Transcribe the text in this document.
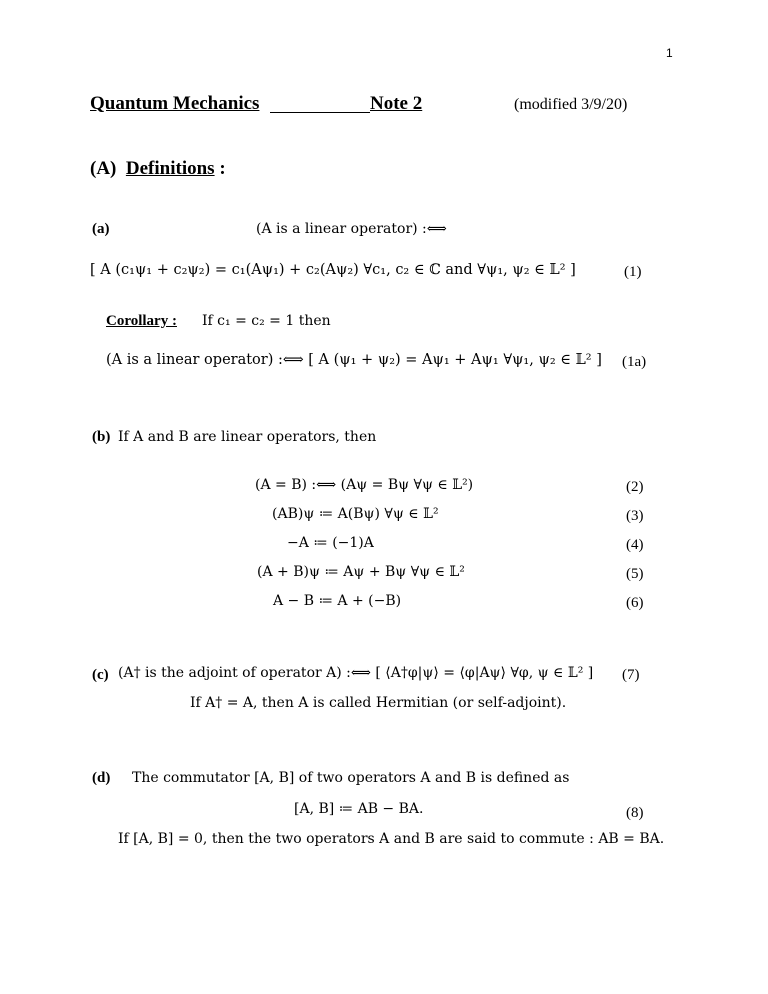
1
Quantum Mechanics	Note 2	(modified 3/9/20)
(A) Definitions :
(a)	(A is a linear operator) :⟺
[ A (c₁ψ₁ + c₂ψ₂) = c₁(Aψ₁) + c₂(Aψ₂) ∀c₁, c₂ ∈ ℂ and ∀ψ₁, ψ₂ ∈ 𝕃² ]	(1)
Corollary : If c₁ = c₂ = 1 then
(A is a linear operator) :⟺ [ A (ψ₁ + ψ₂) = Aψ₁ + Aψ₁ ∀ψ₁, ψ₂ ∈ 𝕃² ] (1a)
(b) If A and B are linear operators, then
(A = B) :⟺ (Aψ = Bψ ∀ψ ∈ 𝕃²)	(2)
(AB)ψ ≔ A(Bψ) ∀ψ ∈ 𝕃²	(3)
−A ≔ (−1)A	(4)
(A + B)ψ ≔ Aψ + Bψ ∀ψ ∈ 𝕃²	(5)
A − B ≔ A + (−B)	(6)
(c) (A† is the adjoint of operator A) :⟺ [ ⟨A†φ|ψ⟩ = ⟨φ|Aψ⟩ ∀φ, ψ ∈ 𝕃² ] (7)
If A† = A, then A is called Hermitian (or self-adjoint).
(d) The commutator [A, B] of two operators A and B is defined as
[A, B] ≔ AB − BA.	(8)
If [A, B] = 0, then the two operators A and B are said to commute : AB = BA.
